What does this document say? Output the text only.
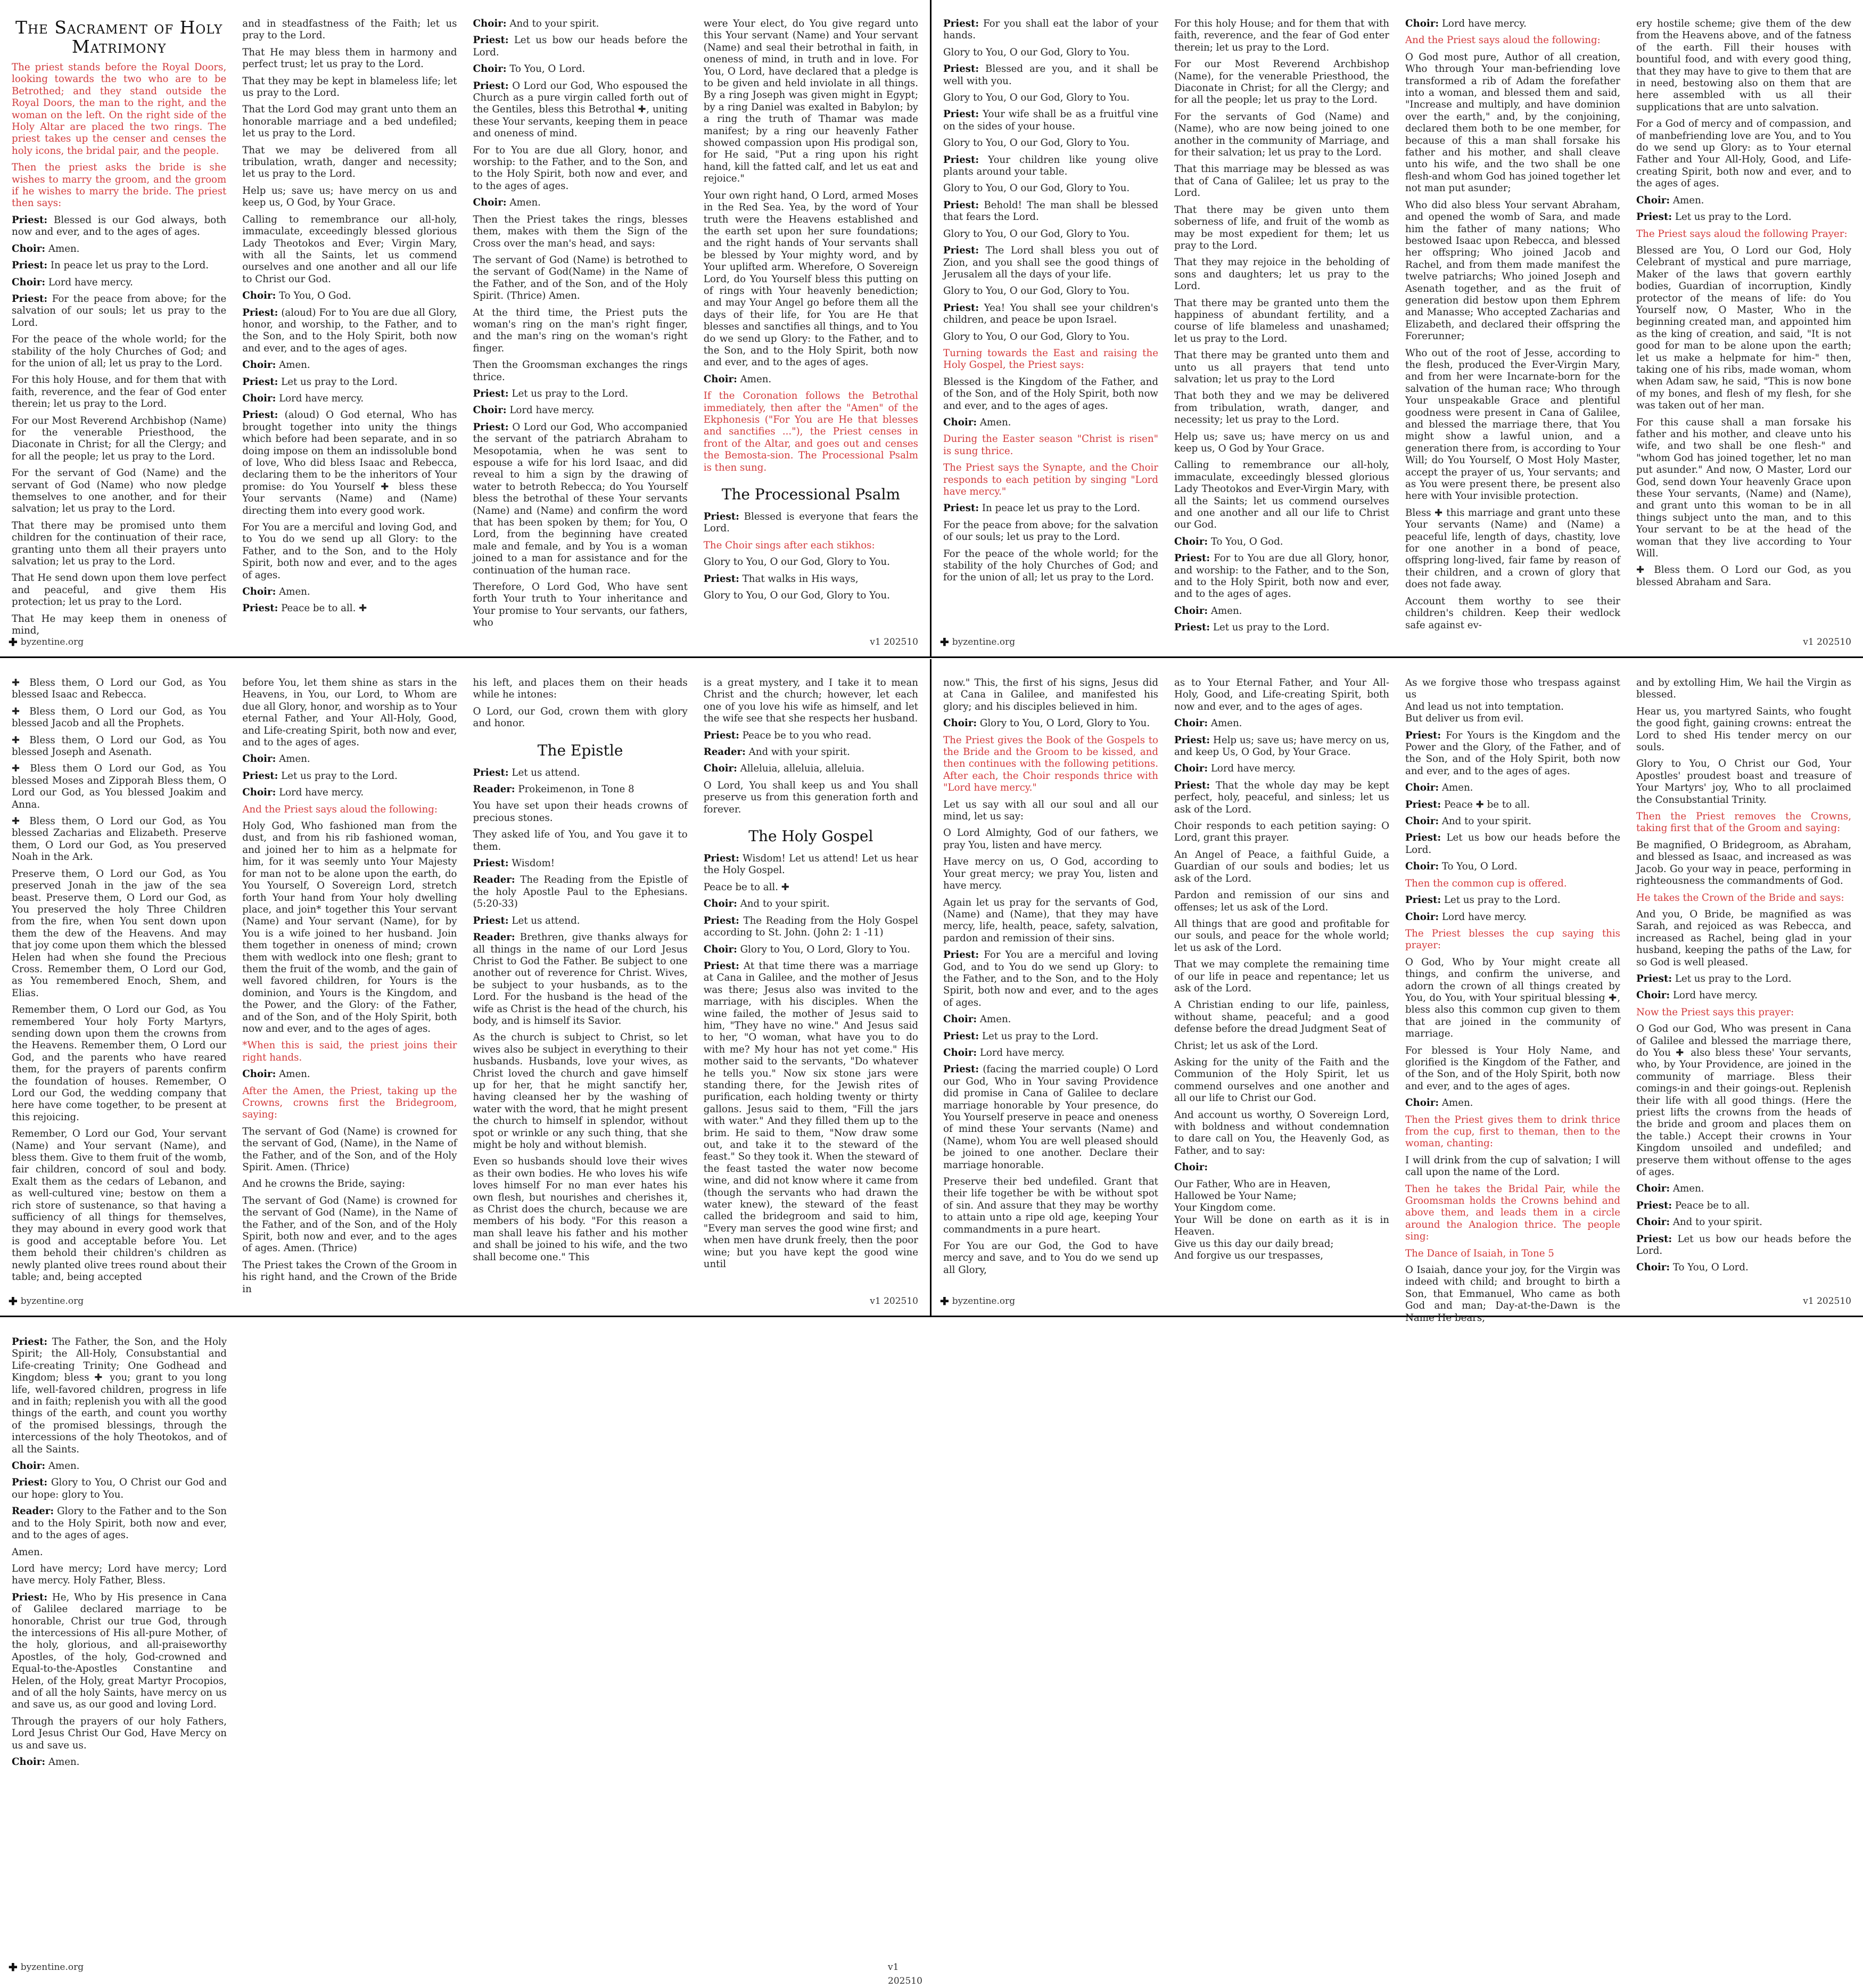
The Sacrament of Holy Matrimony

The priest stands before the Royal Doors, looking towards the two who are to be Betrothed; and they stand outside the Royal Doors, the man to the right, and the woman on the left. On the right side of the Holy Altar are placed the two rings. The priest takes up the censer and censes the holy icons, the bridal pair, and the people.

Then the priest asks the bride is she wishes to marry the groom, and the groom if he wishes to marry the bride. The priest then says:

Priest: Blessed is our God always, both now and ever, and to the ages of ages.

Choir: Amen.

Priest: In peace let us pray to the Lord.

Choir: Lord have mercy.

Priest: For the peace from above; for the salvation of our souls; let us pray to the Lord.

For the peace of the whole world; for the stability of the holy Churches of God; and for the union of all; let us pray to the Lord.

For this holy House, and for them that with faith, reverence, and the fear of God enter therein; let us pray to the Lord.

For our Most Reverend Archbishop (Name) for the venerable Priesthood, the Diaconate in Christ; for all the Clergy; and for all the people; let us pray to the Lord.

For the servant of God (Name) and the servant of God (Name) who now pledge themselves to one another, and for their salvation; let us pray to the Lord.

That there may be promised unto them children for the continuation of their race, granting unto them all their prayers unto salvation; let us pray to the Lord.

That He send down upon them love perfect and peaceful, and give them His protection; let us pray to the Lord.

That He may keep them in oneness of mind,

and in steadfastness of the Faith; let us pray to the Lord.

That He may bless them in harmony and perfect trust; let us pray to the Lord.

That they may be kept in blameless life; let us pray to the Lord.

That the Lord God may grant unto them an honorable marriage and a bed undefiled; let us pray to the Lord.

That we may be delivered from all tribulation, wrath, danger and necessity; let us pray to the Lord.

Help us; save us; have mercy on us and keep us, O God, by Your Grace.

Calling to remembrance our all-holy, immaculate, exceedingly blessed glorious Lady Theotokos and Ever; Virgin Mary, with all the Saints, let us commend ourselves and one another and all our life to Christ our God.

Choir: To You, O God.

Priest: (aloud) For to You are due all Glory, honor, and worship, to the Father, and to the Son, and to the Holy Spirit, both now and ever, and to the ages of ages.

Choir: Amen.

Priest: Let us pray to the Lord.

Choir: Lord have mercy.

Priest: (aloud) O God eternal, Who has brought together into unity the things which before had been separate, and in so doing impose on them an indissoluble bond of love, Who did bless Isaac and Rebecca, declaring them to be the inheritors of Your promise: do You Yourself ✚ bless these Your servants (Name) and (Name) directing them into every good work.

For You are a merciful and loving God, and to You do we send up all Glory: to the Father, and to the Son, and to the Holy Spirit, both now and ever, and to the ages of ages.

Choir: Amen.

Priest: Peace be to all. ✚

Choir: And to your spirit.

Priest: Let us bow our heads before the Lord.

Choir: To You, O Lord.

Priest: O Lord our God, Who espoused the Church as a pure virgin called forth out of the Gentiles, bless this Betrothal ✚, uniting these Your servants, keeping them in peace and oneness of mind.

For to You are due all Glory, honor, and worship: to the Father, and to the Son, and to the Holy Spirit, both now and ever, and to the ages of ages.

Choir: Amen.

Then the Priest takes the rings, blesses them, makes with them the Sign of the Cross over the man's head, and says:

The servant of God (Name) is betrothed to the servant of God(Name) in the Name of the Father, and of the Son, and of the Holy Spirit. (Thrice) Amen.

At the third time, the Priest puts the woman's ring on the man's right finger, and the man's ring on the woman's right finger.

Then the Groomsman exchanges the rings thrice.

Priest: Let us pray to the Lord.

Choir: Lord have mercy.

Priest: O Lord our God, Who accompanied the servant of the patriarch Abraham to Mesopotamia, when he was sent to espouse a wife for his lord Isaac, and did reveal to him a sign by the drawing of water to betroth Rebecca; do You Yourself bless the betrothal of these Your servants (Name) and (Name) and confirm the word that has been spoken by them; for You, O Lord, from the beginning have created male and female, and by You is a woman joined to a man for assistance and for the continuation of the human race.

Therefore, O Lord God, Who have sent forth Your truth to Your inheritance and Your promise to Your servants, our fathers, who

were Your elect, do You give regard unto this Your servant (Name) and Your servant (Name) and seal their betrothal in faith, in oneness of mind, in truth and in love. For You, O Lord, have declared that a pledge is to be given and held inviolate in all things. By a ring Joseph was given might in Egypt; by a ring Daniel was exalted in Babylon; by a ring the truth of Thamar was made manifest; by a ring our heavenly Father showed compassion upon His prodigal son, for He said, "Put a ring upon his right hand, kill the fatted calf, and let us eat and rejoice."

Your own right hand, O Lord, armed Moses in the Red Sea. Yea, by the word of Your truth were the Heavens established and the earth set upon her sure foundations; and the right hands of Your servants shall be blessed by Your mighty word, and by Your uplifted arm. Wherefore, O Sovereign Lord, do You Yourself bless this putting on of rings with Your heavenly benediction; and may Your Angel go before them all the days of their life, for You are He that blesses and sanctifies all things, and to You do we send up Glory: to the Father, and to the Son, and to the Holy Spirit, both now and ever, and to the ages of ages.

Choir: Amen.

If the Coronation follows the Betrothal immediately, then after the "Amen" of the Ekphonesis ("For You are He that blesses and sanctifies ..."), the Priest censes in front of the Altar, and goes out and censes the Bemosta-sion. The Processional Psalm is then sung.

The Processional Psalm

Priest: Blessed is everyone that fears the Lord.

The Choir sings after each stikhos:

Glory to You, O our God, Glory to You.

Priest: That walks in His ways,

Glory to You, O our God, Glory to You.

✚ byzentine.org	v1 202510

Priest: For you shall eat the labor of your hands.

Glory to You, O our God, Glory to You.

Priest: Blessed are you, and it shall be well with you.

Glory to You, O our God, Glory to You.

Priest: Your wife shall be as a fruitful vine on the sides of your house.

Glory to You, O our God, Glory to You.

Priest: Your children like young olive plants around your table.

Glory to You, O our God, Glory to You.

Priest: Behold! The man shall be blessed that fears the Lord.

Glory to You, O our God, Glory to You.

Priest: The Lord shall bless you out of Zion, and you shall see the good things of Jerusalem all the days of your life.

Glory to You, O our God, Glory to You.

Priest: Yea! You shall see your children's children, and peace be upon Israel.

Glory to You, O our God, Glory to You.

Turning towards the East and raising the Holy Gospel, the Priest says:

Blessed is the Kingdom of the Father, and of the Son, and of the Holy Spirit, both now and ever, and to the ages of ages.

Choir: Amen.

During the Easter season "Christ is risen" is sung thrice.

The Priest says the Synapte, and the Choir responds to each petition by singing "Lord have mercy."

Priest: In peace let us pray to the Lord.

For the peace from above; for the salvation of our souls; let us pray to the Lord.

For the peace of the whole world; for the stability of the holy Churches of God; and for the union of all; let us pray to the Lord.

For this holy House; and for them that with faith, reverence, and the fear of God enter therein; let us pray to the Lord.

For our Most Reverend Archbishop (Name), for the venerable Priesthood, the Diaconate in Christ; for all the Clergy; and for all the people; let us pray to the Lord.

For the servants of God (Name) and (Name), who are now being joined to one another in the community of Marriage, and for their salvation; let us pray to the Lord.

That this marriage may be blessed as was that of Cana of Galilee; let us pray to the Lord.

That there may be given unto them soberness of life, and fruit of the womb as may be most expedient for them; let us pray to the Lord.

That they may rejoice in the beholding of sons and daughters; let us pray to the Lord.

That there may be granted unto them the happiness of abundant fertility, and a course of life blameless and unashamed; let us pray to the Lord.

That there may be granted unto them and unto us all prayers that tend unto salvation; let us pray to the Lord

That both they and we may be delivered from tribulation, wrath, danger, and necessity; let us pray to the Lord.

Help us; save us; have mercy on us and keep us, O God by Your Grace.

Calling to remembrance our all-holy, immaculate, exceedingly blessed glorious Lady Theotokos and Ever-Virgin Mary, with all the Saints; let us commend ourselves and one another and all our life to Christ our God.

Choir: To You, O God.

Priest: For to You are due all Glory, honor, and worship: to the Father, and to the Son, and to the Holy Spirit, both now and ever, and to the ages of ages.

Choir: Amen.

Priest: Let us pray to the Lord.

Choir: Lord have mercy.

And the Priest says aloud the following:

O God most pure, Author of all creation, Who through Your man-befriending love transformed a rib of Adam the forefather into a woman, and blessed them and said, "Increase and multiply, and have dominion over the earth," and, by the conjoining, declared them both to be one member, for because of this a man shall forsake his father and his mother, and shall cleave unto his wife, and the two shall be one flesh-and whom God has joined together let not man put asunder;

Who did also bless Your servant Abraham, and opened the womb of Sara, and made him the father of many nations; Who bestowed Isaac upon Rebecca, and blessed her offspring; Who joined Jacob and Rachel, and from them made manifest the twelve patriarchs; Who joined Joseph and Asenath together, and as the fruit of generation did bestow upon them Ephrem and Manasse; Who accepted Zacharias and Elizabeth, and declared their offspring the Forerunner;

Who out of the root of Jesse, according to the flesh, produced the Ever-Virgin Mary, and from her were Incarnate-born for the salvation of the human race; Who through Your unspeakable Grace and plentiful goodness were present in Cana of Galilee, and blessed the marriage there, that You might show a lawful union, and a generation there from, is according to Your Will; do You Yourself, O Most Holy Master, accept the prayer of us, Your servants; and as You were present there, be present also here with Your invisible protection.

Bless ✚ this marriage and grant unto these Your servants (Name) and (Name) a peaceful life, length of days, chastity, love for one another in a bond of peace, offspring long-lived, fair fame by reason of their children, and a crown of glory that does not fade away.

Account them worthy to see their children's children. Keep their wedlock safe against ev-

ery hostile scheme; give them of the dew from the Heavens above, and of the fatness of the earth. Fill their houses with bountiful food, and with every good thing, that they may have to give to them that are in need, bestowing also on them that are here assembled with us all their supplications that are unto salvation.

For a God of mercy and of compassion, and of manbefriending love are You, and to You do we send up Glory: as to Your eternal Father and Your All-Holy, Good, and Life-creating Spirit, both now and ever, and to the ages of ages.

Choir: Amen.

Priest: Let us pray to the Lord.

The Priest says aloud the following Prayer:

Blessed are You, O Lord our God, Holy Celebrant of mystical and pure marriage, Maker of the laws that govern earthly bodies, Guardian of incorruption, Kindly protector of the means of life: do You Yourself now, O Master, Who in the beginning created man, and appointed him as the king of creation, and said, "It is not good for man to be alone upon the earth; let us make a helpmate for him-" then, taking one of his ribs, made woman, whom when Adam saw, he said, "This is now bone of my bones, and flesh of my flesh, for she was taken out of her man.

For this cause shall a man forsake his father and his mother, and cleave unto his wife, and two shall be one flesh-" and "whom God has joined together, let no man put asunder." And now, O Master, Lord our God, send down Your heavenly Grace upon these Your servants, (Name) and (Name), and grant unto this woman to be in all things subject unto the man, and to this Your servant to be at the head of the woman that they live according to Your Will.

✚ Bless them. O Lord our God, as you blessed Abraham and Sara.

✚ byzentine.org	v1 202510

✚ Bless them, O Lord our God, as You blessed Isaac and Rebecca.

✚ Bless them, O Lord our God, as You blessed Jacob and all the Prophets.

✚ Bless them, O Lord our God, as You blessed Joseph and Asenath.

✚ Bless them O Lord our God, as You blessed Moses and Zipporah Bless them, O Lord our God, as You blessed Joakim and Anna.

✚ Bless them, O Lord our God, as You blessed Zacharias and Elizabeth. Preserve them, O Lord our God, as You preserved Noah in the Ark.

Preserve them, O Lord our God, as You preserved Jonah in the jaw of the sea beast. Preserve them, O Lord our God, as You preserved the holy Three Children from the fire, when You sent down upon them the dew of the Heavens. And may that joy come upon them which the blessed Helen had when she found the Precious Cross. Remember them, O Lord our God, as You remembered Enoch, Shem, and Elias.

Remember them, O Lord our God, as You remembered Your holy Forty Martyrs, sending down upon them the crowns from the Heavens. Remember them, O Lord our God, and the parents who have reared them, for the prayers of parents confirm the foundation of houses. Remember, O Lord our God, the wedding company that here have come together, to be present at this rejoicing.

Remember, O Lord our God, Your servant (Name) and Your servant (Name), and bless them. Give to them fruit of the womb, fair children, concord of soul and body. Exalt them as the cedars of Lebanon, and as well-cultured vine; bestow on them a rich store of sustenance, so that having a sufficiency of all things for themselves, they may abound in every good work that is good and acceptable before You. Let them behold their children's children as newly planted olive trees round about their table; and, being accepted

before You, let them shine as stars in the Heavens, in You, our Lord, to Whom are due all Glory, honor, and worship as to Your eternal Father, and Your All-Holy, Good, and Life-creating Spirit, both now and ever, and to the ages of ages.

Choir: Amen.

Priest: Let us pray to the Lord.

Choir: Lord have mercy.

And the Priest says aloud the following:

Holy God, Who fashioned man from the dust, and from his rib fashioned woman, and joined her to him as a helpmate for him, for it was seemly unto Your Majesty for man not to be alone upon the earth, do You Yourself, O Sovereign Lord, stretch forth Your hand from Your holy dwelling place, and join* together this Your servant (Name) and Your servant (Name), for by You is a wife joined to her husband. Join them together in oneness of mind; crown them with wedlock into one flesh; grant to them the fruit of the womb, and the gain of well favored children, for Yours is the dominion, and Yours is the Kingdom, and the Power, and the Glory: of the Father, and of the Son, and of the Holy Spirit, both now and ever, and to the ages of ages.

*When this is said, the priest joins their right hands.

Choir: Amen.

After the Amen, the Priest, taking up the Crowns, crowns first the Bridegroom, saying:

The servant of God (Name) is crowned for the servant of God, (Name), in the Name of the Father, and of the Son, and of the Holy Spirit. Amen. (Thrice)

And he crowns the Bride, saying:

The servant of God (Name) is crowned for the servant of God (Name), in the Name of the Father, and of the Son, and of the Holy Spirit, both now and ever, and to the ages of ages. Amen. (Thrice)

The Priest takes the Crown of the Groom in his right hand, and the Crown of the Bride in

his left, and places them on their heads while he intones:

O Lord, our God, crown them with glory and honor.

The Epistle

Priest: Let us attend.

Reader: Prokeimenon, in Tone 8

You have set upon their heads crowns of precious stones.

They asked life of You, and You gave it to them.

Priest: Wisdom!

Reader: The Reading from the Epistle of the holy Apostle Paul to the Ephesians. (5:20-33)

Priest: Let us attend.

Reader: Brethren, give thanks always for all things in the name of our Lord Jesus Christ to God the Father. Be subject to one another out of reverence for Christ. Wives, be subject to your husbands, as to the Lord. For the husband is the head of the wife as Christ is the head of the church, his body, and is himself its Savior.

As the church is subject to Christ, so let wives also be subject in everything to their husbands. Husbands, love your wives, as Christ loved the church and gave himself up for her, that he might sanctify her, having cleansed her by the washing of water with the word, that he might present the church to himself in splendor, without spot or wrinkle or any such thing, that she might be holy and without blemish.

Even so husbands should love their wives as their own bodies. He who loves his wife loves himself For no man ever hates his own flesh, but nourishes and cherishes it, as Christ does the church, because we are members of his body. "For this reason a man shall leave his father and his mother and shall be joined to his wife, and the two shall become one." This

is a great mystery, and I take it to mean Christ and the church; however, let each one of you love his wife as himself, and let the wife see that she respects her husband.

Priest: Peace be to you who read.

Reader: And with your spirit.

Choir: Alleluia, alleluia, alleluia.

O Lord, You shall keep us and You shall preserve us from this generation forth and forever.

The Holy Gospel

Priest: Wisdom! Let us attend! Let us hear the Holy Gospel.

Peace be to all. ✚

Choir: And to your spirit.

Priest: The Reading from the Holy Gospel according to St. John. (John 2: 1 -11)

Choir: Glory to You, O Lord, Glory to You.

Priest: At that time there was a marriage at Cana in Galilee, and the mother of Jesus was there; Jesus also was invited to the marriage, with his disciples. When the wine failed, the mother of Jesus said to him, "They have no wine." And Jesus said to her, "O woman, what have you to do with me? My hour has not yet come." His mother said to the servants, "Do whatever he tells you." Now six stone jars were standing there, for the Jewish rites of purification, each holding twenty or thirty gallons. Jesus said to them, "Fill the jars with water." And they filled them up to the brim. He said to them, "Now draw some out, and take it to the steward of the feast." So they took it. When the steward of the feast tasted the water now become wine, and did not know where it came from (though the servants who had drawn the water knew), the steward of the feast called the bridegroom and said to him, "Every man serves the good wine first; and when men have drunk freely, then the poor wine; but you have kept the good wine until

✚ byzentine.org	v1 202510

now." This, the first of his signs, Jesus did at Cana in Galilee, and manifested his glory; and his disciples believed in him.

Choir: Glory to You, O Lord, Glory to You.

The Priest gives the Book of the Gospels to the Bride and the Groom to be kissed, and then continues with the following petitions. After each, the Choir responds thrice with "Lord have mercy."

Let us say with all our soul and all our mind, let us say:

O Lord Almighty, God of our fathers, we pray You, listen and have mercy.

Have mercy on us, O God, according to Your great mercy; we pray You, listen and have mercy.

Again let us pray for the servants of God, (Name) and (Name), that they may have mercy, life, health, peace, safety, salvation, pardon and remission of their sins.

Priest: For You are a merciful and loving God, and to You do we send up Glory: to the Father, and to the Son, and to the Holy Spirit, both now and ever, and to the ages of ages.

Choir: Amen.

Priest: Let us pray to the Lord.

Choir: Lord have mercy.

Priest: (facing the married couple) O Lord our God, Who in Your saving Providence did promise in Cana of Galilee to declare marriage honorable by Your presence, do You Yourself preserve in peace and oneness of mind these Your servants (Name) and (Name), whom You are well pleased should be joined to one another. Declare their marriage honorable.

Preserve their bed undefiled. Grant that their life together be with be without spot of sin. And assure that they may be worthy to attain unto a ripe old age, keeping Your commandments in a pure heart.

For You are our God, the God to have mercy and save, and to You do we send up all Glory,

as to Your Eternal Father, and Your All-Holy, Good, and Life-creating Spirit, both now and ever, and to the ages of ages.

Choir: Amen.

Priest: Help us; save us; have mercy on us, and keep Us, O God, by Your Grace.

Choir: Lord have mercy.

Priest: That the whole day may be kept perfect, holy, peaceful, and sinless; let us ask of the Lord.

Choir responds to each petition saying: O Lord, grant this prayer.

An Angel of Peace, a faithful Guide, a Guardian of our souls and bodies; let us ask of the Lord.

Pardon and remission of our sins and offenses; let us ask of the Lord.

All things that are good and profitable for our souls, and peace for the whole world; let us ask of the Lord.

That we may complete the remaining time of our life in peace and repentance; let us ask of the Lord.

A Christian ending to our life, painless, without shame, peaceful; and a good defense before the dread Judgment Seat of

Christ; let us ask of the Lord.

Asking for the unity of the Faith and the Communion of the Holy Spirit, let us commend ourselves and one another and all our life to Christ our God.

And account us worthy, O Sovereign Lord, with boldness and without condemnation to dare call on You, the Heavenly God, as Father, and to say:

Choir:

Our Father, Who are in Heaven,
Hallowed be Your Name;
Your Kingdom come.
Your Will be done on earth as it is in Heaven.
Give us this day our daily bread;
And forgive us our trespasses,

As we forgive those who trespass against us
And lead us not into temptation.
But deliver us from evil.

Priest: For Yours is the Kingdom and the Power and the Glory, of the Father, and of the Son, and of the Holy Spirit, both now and ever, and to the ages of ages.

Choir: Amen.

Priest: Peace ✚ be to all.

Choir: And to your spirit.

Priest: Let us bow our heads before the Lord.

Choir: To You, O Lord.

Then the common cup is offered.

Priest: Let us pray to the Lord.

Choir: Lord have mercy.

The Priest blesses the cup saying this prayer:

O God, Who by Your might create all things, and confirm the universe, and adorn the crown of all things created by You, do You, with Your spiritual blessing ✚, bless also this common cup given to them that are joined in the community of marriage.

For blessed is Your Holy Name, and glorified is the Kingdom of the Father, and of the Son, and of the Holy Spirit, both now and ever, and to the ages of ages.

Choir: Amen.

Then the Priest gives them to drink thrice from the cup, first to theman, then to the woman, chanting:

I will drink from the cup of salvation; I will call upon the name of the Lord.

Then he takes the Bridal Pair, while the Groomsman holds the Crowns behind and above them, and leads them in a circle around the Analogion thrice. The people sing:

The Dance of Isaiah, in Tone 5

O Isaiah, dance your joy, for the Virgin was indeed with child; and brought to birth a Son, that Emmanuel, Who came as both God and man; Day-at-the-Dawn is the Name He bears,

and by extolling Him, We hail the Virgin as blessed.

Hear us, you martyred Saints, who fought the good fight, gaining crowns: entreat the Lord to shed His tender mercy on our souls.

Glory to You, O Christ our God, Your Apostles' proudest boast and treasure of Your Martyrs' joy, Who to all proclaimed the Consubstantial Trinity.

Then the Priest removes the Crowns, taking first that of the Groom and saying:

Be magnified, O Bridegroom, as Abraham, and blessed as Isaac, and increased as was Jacob. Go your way in peace, performing in righteousness the commandments of God.

He takes the Crown of the Bride and says:

And you, O Bride, be magnified as was Sarah, and rejoiced as was Rebecca, and increased as Rachel, being glad in your husband, keeping the paths of the Law, for so God is well pleased.

Priest: Let us pray to the Lord.

Choir: Lord have mercy.

Now the Priest says this prayer:

O God our God, Who was present in Cana of Galilee and blessed the marriage there, do You ✚ also bless these' Your servants, who, by Your Providence, are joined in the community of marriage. Bless their comings-in and their goings-out. Replenish their life with all good things. (Here the priest lifts the crowns from the heads of the bride and groom and places them on the table.) Accept their crowns in Your Kingdom unsoiled and undefiled; and preserve them without offense to the ages of ages.

Choir: Amen.

Priest: Peace be to all.

Choir: And to your spirit.

Priest: Let us bow our heads before the Lord.

Choir: To You, O Lord.

✚ byzentine.org	v1 202510

Priest: The Father, the Son, and the Holy Spirit; the All-Holy, Consubstantial and Life-creating Trinity; One Godhead and Kingdom; bless ✚ you; grant to you long life, well-favored children, progress in life and in faith; replenish you with all the good things of the earth, and count you worthy of the promised blessings, through the intercessions of the holy Theotokos, and of all the Saints.

Choir: Amen.

Priest: Glory to You, O Christ our God and our hope: glory to You.

Reader: Glory to the Father and to the Son and to the Holy Spirit, both now and ever, and to the ages of ages.

Amen.

Lord have mercy; Lord have mercy; Lord have mercy. Holy Father, Bless.

Priest: He, Who by His presence in Cana of Galilee declared marriage to be honorable, Christ our true God, through the intercessions of His all-pure Mother, of the holy, glorious, and all-praiseworthy Apostles, of the holy, God-crowned and Equal-to-the-Apostles Constantine and Helen, of the Holy, great Martyr Procopios, and of all the holy Saints, have mercy on us and save us, as our good and loving Lord.

Through the prayers of our holy Fathers, Lord Jesus Christ Our God, Have Mercy on us and save us.

Choir: Amen.

✚ byzentine.org	v1 202510
